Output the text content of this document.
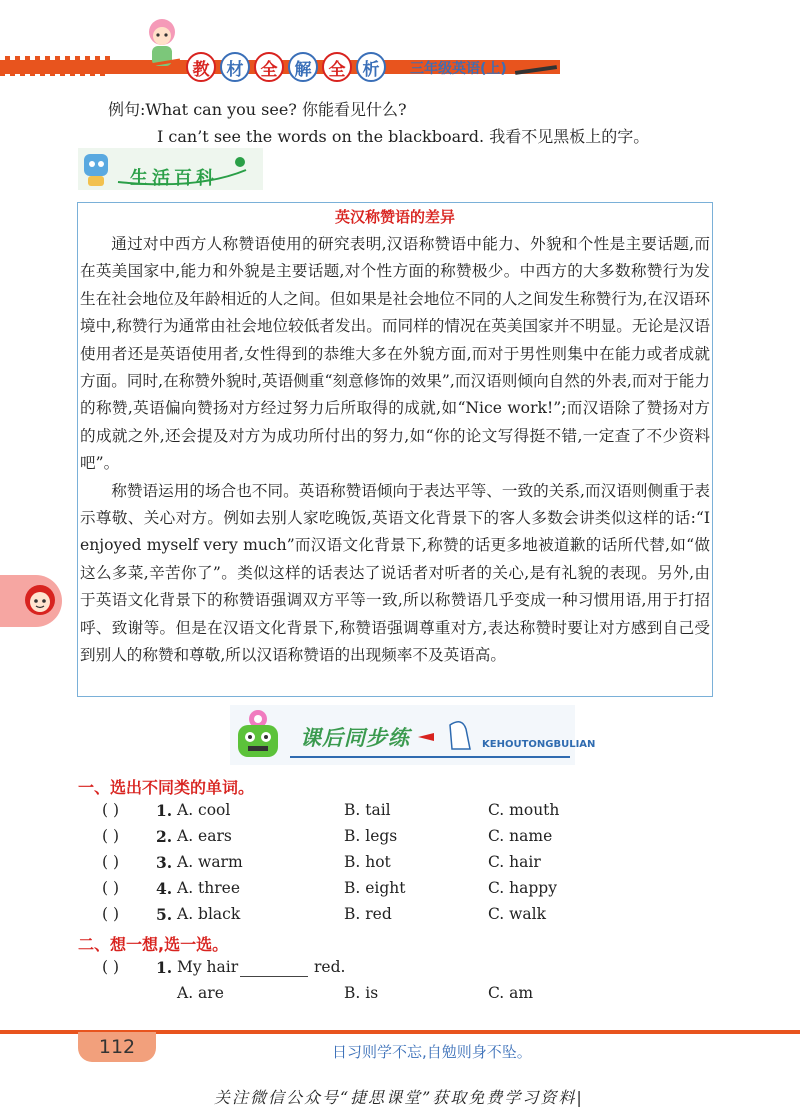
教	材	全	解	全	析	三年级英语(上)
例句:What can you see? 你能看见什么?
I can’t see the words on the blackboard. 我看不见黑板上的字。
生活百科
英汉称赞语的差异

通过对中西方人称赞语使用的研究表明,汉语称赞语中能力、外貌和个性是主要话题,而在英美国家中,能力和外貌是主要话题,对个性方面的称赞极少。中西方的大多数称赞行为发生在社会地位及年龄相近的人之间。但如果是社会地位不同的人之间发生称赞行为,在汉语环境中,称赞行为通常由社会地位较低者发出。而同样的情况在英美国家并不明显。无论是汉语使用者还是英语使用者,女性得到的恭维大多在外貌方面,而对于男性则集中在能力或者成就方面。同时,在称赞外貌时,英语侧重“刻意修饰的效果”,而汉语则倾向自然的外表,而对于能力的称赞,英语偏向赞扬对方经过努力后所取得的成就,如“Nice work!”;而汉语除了赞扬对方的成就之外,还会提及对方为成功所付出的努力,如“你的论文写得挺不错,一定查了不少资料吧”。

称赞语运用的场合也不同。英语称赞语倾向于表达平等、一致的关系,而汉语则侧重于表示尊敬、关心对方。例如去别人家吃晚饭,英语文化背景下的客人多数会讲类似这样的话:“I enjoyed myself very much”而汉语文化背景下,称赞的话更多地被道歉的话所代替,如“做这么多菜,辛苦你了”。类似这样的话表达了说话者对听者的关心,是有礼貌的表现。另外,由于英语文化背景下的称赞语强调双方平等一致,所以称赞语几乎变成一种习惯用语,用于打招呼、致谢等。但是在汉语文化背景下,称赞语强调尊重对方,表达称赞时要让对方感到自己受到别人的称赞和尊敬,所以汉语称赞语的出现频率不及英语高。

课后同步练	KEHOUTONGBULIAN
一、选出不同类的单词。
( ) 1. A. cool	B. tail	C. mouth
( ) 2. A. ears	B. legs	C. name
( ) 3. A. warm	B. hot	C. hair
( ) 4. A. three	B. eight	C. happy
( ) 5. A. black	B. red	C. walk
二、想一想,选一选。
( ) 1. My hair	red.
A. are	B. is	C. am
112	日习则学不忘,自勉则身不坠。
关注微信公众号“捷思课堂”获取免费学习资料|
